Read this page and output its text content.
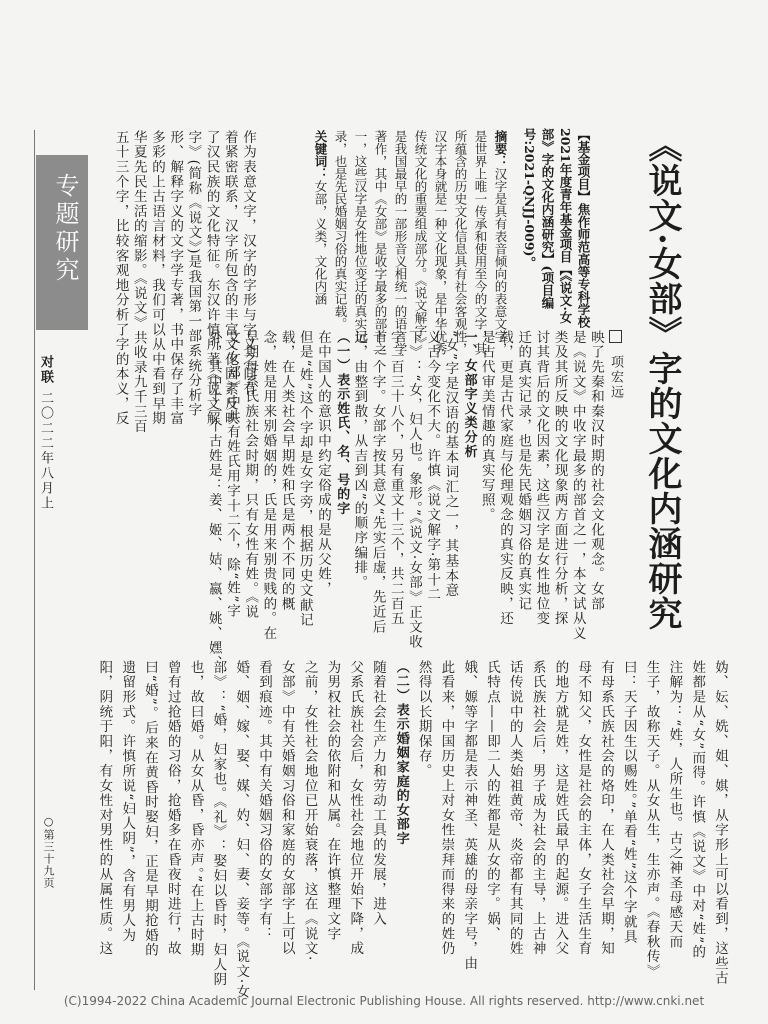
专题研究
对联 二〇二二年八月上
○第三十九页
《说文·女部》字的文化内涵研究
项宏远
【基金项目】焦作师范高等专科学校2021年度青年基金项目【《说文·女部》字的文化内涵研究】(项目编号:2021-QNJJ-009)。
摘要：汉字是具有表音倾向的表意文字，是世界上唯一传承和使用至今的文字，其所蕴含的历史文化信息具有社会客观性，汉字本身就是一种文化现象，是中华优秀传统文化的重要组成部分。《说文解字》是我国最早的一部形音义相统一的语言学著作，其中《女部》是收字最多的部首之一，这些汉字是女性地位变迁的真实记录，也是先民婚姻习俗的真实记载。
关键词：女部，义类，文化内涵
映了先秦和秦汉时期的社会文化观念。女部
是《说文》中收字最多的部首之一，本文试从义
类及其所反映的文化现象两方面进行分析，探
讨其背后的文化因素，这些汉字是女性地位变
迁的真实记录，也是先民婚姻习俗的真实记
载，更是古代家庭与伦理观念的真实反映，还
是古代审美情趣的真实写照。
一、女部字义类分析
“女”字是汉语的基本词汇之一，其基本意
义古今变化不大。许慎《说文解字·第十二
下》：“女，妇人也。象形。”《说文·女部》正文收
字二百三十八个，另有重文十三个，共二百五
十一个字。女部字按其意义“先实后虚，先近后
远，由整到散，从吉到凶”的顺序编排。
（一）表示姓氏、名、号的字
在中国人的意识中约定俗成的是从父姓，
但是“姓”这个字却是女字旁，根据历史文献记
载，在人类社会早期姓和氏是两个不同的概
念，姓是用来别婚姻的，氏是用来别贵贱的。在
早期母系氏族社会时期，只有女性有姓。《说
文·女部》中共有姓氏用字十二个，除“姓”字
外，其中十一个古姓是：姜、姬、姞、嬴、姚、嫼、
作为表意文字，汉字的字形与字义之间有
着紧密联系，汉字所包含的丰富文化因素反映
了汉民族的文化特征。东汉许慎所著《说文解
字》(简称《说文》)是我国第一部系统分析字
形、解释字义的文字学专著，书中保存了丰富
多彩的上古语言材料，我们可以从中看到早期
华夏先民生活的缩影。《说文》共收录九千三百
五十三个字，比较客观地分析了字的本义，反
妫、妘、姺、姐、娸，从字形上可以看到，这些古
姓都是从“女”而得。许慎《说文》中对“姓”的
注解为：“姓，人所生也。古之神圣母感天而
生子，故称天子。从女从生，生亦声。《春秋传》
曰：天子因生以赐姓。”单看“姓”这个字就具
有母系氏族社会的烙印，在人类社会早期，知
母不知父，女性是社会的主体，女子生活生育
的地方就是姓，这是姓氏最早的起源。进入父
系氏族社会后，男子成为社会的主导，上古神
话传说中的人类始祖黄帝、炎帝都有其同的姓
氏特点——即二人的姓都是从女的字。娲、
娥、嫄等字都是表示神圣、英雄的母亲字号，由
此看来，中国历史上对女性崇拜而得来的姓仍
然得以长期保存。
（二）表示婚姻家庭的女部字
随着社会生产力和劳动工具的发展，进入
父系氏族社会后，女性社会地位开始下降，成
为男权社会的依附和从属。在许慎整理文字
之前，女性社会地位已开始衰落，这在《说文·
女部》中有关婚姻习俗和家庭的女部字上可以
看到痕迹。其中有关婚姻习俗的女部字有：
婚、姻、嫁、娶、媒、妁、妇、妻、妾等。《说文·女
部》：“婚，妇家也。《礼》：娶妇以昏时，妇人阴
也，故曰婚。从女从昏，昏亦声。”在上古时期
曾有过抢婚的习俗，抢婚多在昏夜时进行，故
曰“婚”。后来在黄昏时娶妇，正是早期抢婚的
遗留形式。许慎所说“妇人阴”，含有男人为
阳，阴统于阳，有女性对男性的从属性质。这
(C)1994-2022 China Academic Journal Electronic Publishing House. All rights reserved. http://www.cnki.net
